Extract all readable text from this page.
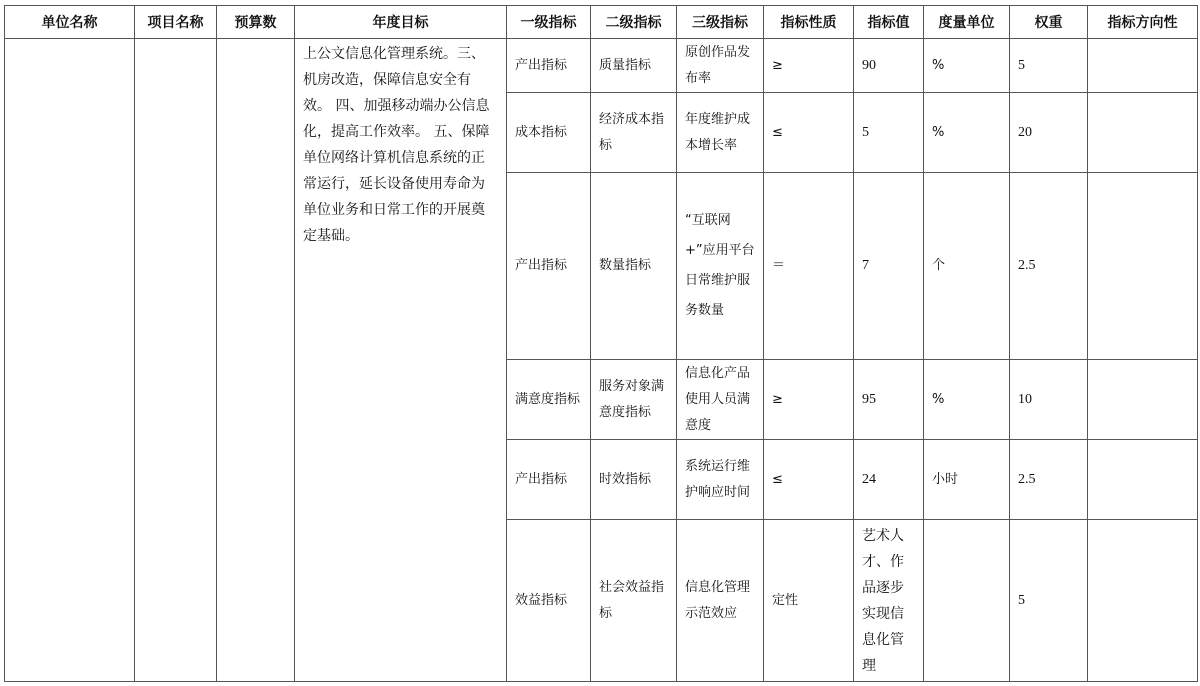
单位名称	项目名称	预算数	年度目标	一级指标	二级指标	三级指标	指标性质	指标值	度量单位	权重	指标方向性
			上公文信息化管理系统。三、机房改造，保障信息安全有效。 四、加强移动端办公信息化，提高工作效率。 五、保障单位网络计算机信息系统的正常运行，延长设备使用寿命为单位业务和日常工作的开展奠定基础。	产出指标	质量指标	原创作品发布率	≥	90	%	5	
				成本指标	经济成本指标	年度维护成本增长率	≤	5	%	20	
				产出指标	数量指标	“互联网+”应用平台日常维护服务数量	＝	7	个	2.5	
				满意度指标	服务对象满意度指标	信息化产品使用人员满意度	≥	95	%	10	
				产出指标	时效指标	系统运行维护响应时间	≤	24	小时	2.5	
				效益指标	社会效益指标	信息化管理示范效应	定性	艺术人才、作品逐步实现信息化管理		5	
